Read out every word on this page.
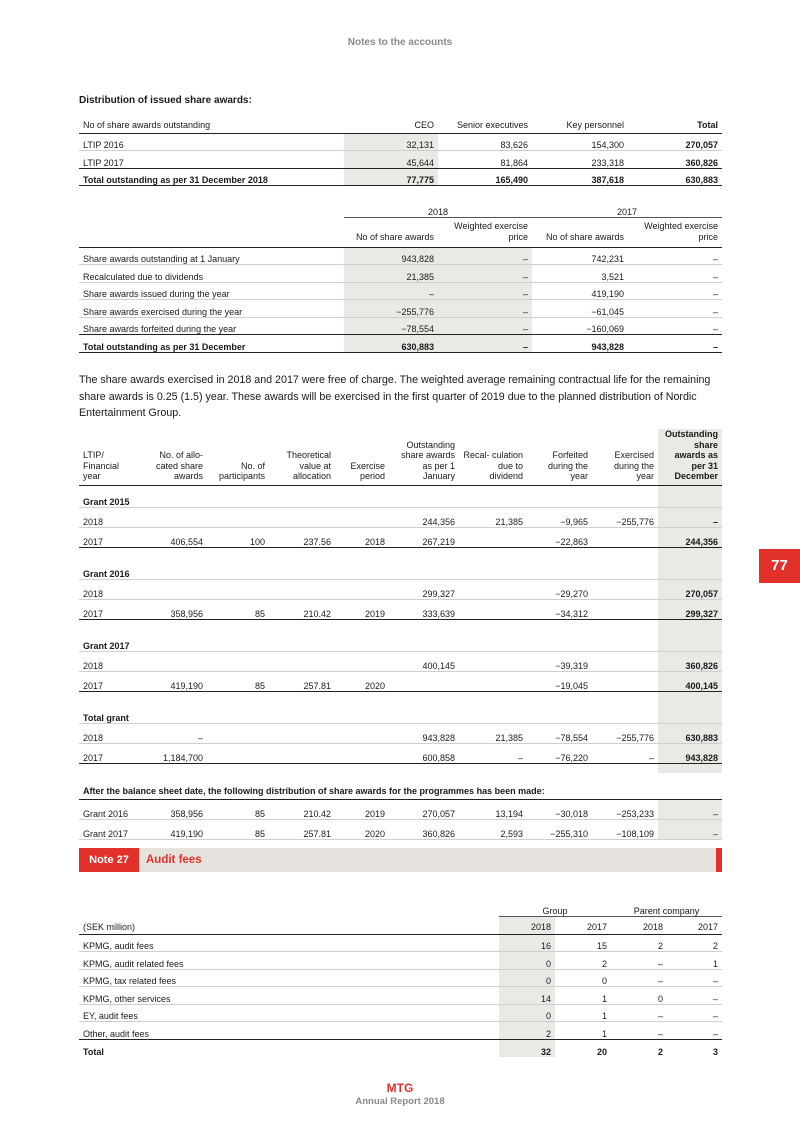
Notes to the accounts
77
Distribution of issued share awards:
No of share awards outstanding	CEO	Senior executives	Key personnel	Total
LTIP 2016	32,131	83,626	154,300	270,057
LTIP 2017	45,644	81,864	233,318	360,826
Total outstanding as per 31 December 2018	77,775	165,490	387,618	630,883
	2018		2017	
	No of share awards	Weighted exercise price	No of share awards	Weighted exercise price
Share awards outstanding at 1 January	943,828	–	742,231	–
Recalculated due to dividends	21,385	–	3,521	–
Share awards issued during the year	–	–	419,190	–
Share awards exercised during the year	−255,776	–	−61,045	–
Share awards forfeited during the year	−78,554	–	−160,069	–
Total outstanding as per 31 December	630,883	–	943,828	–

The share awards exercised in 2018 and 2017 were free of charge. The weighted average remaining contractual life for the remaining share awards is 0.25 (1.5) year. These awards will be exercised in the first quarter of 2019 due to the planned distribution of Nordic Entertainment Group.

LTIP/ Financial year	No. of allo- cated share awards	No. of participants	Theoretical value at allocation	Exercise period	Outstanding share awards as per 1 January	Recal- culation due to dividend	Forfeited during the year	Exercised during the year	Outstanding share awards as per 31 December
Grant 2015									
2018					244,356	21,385	−9,965	−255,776	–
2017	406,554	100	237.56	2018	267,219		−22,863		244,356

Grant 2016									
2018					299,327		−29,270		270,057
2017	358,956	85	210.42	2019	333,639		−34,312		299,327

Grant 2017									
2018					400,145		−39,319		360,826
2017	419,190	85	257.81	2020			−19,045		400,145

Total grant									
2018	–				943,828	21,385	−78,554	−255,776	630,883
2017	1,184,700				600,858	–	−76,220	–	943,828

After the balance sheet date, the following distribution of share awards for the programmes has been made:									
Grant 2016	358,956	85	210.42	2019	270,057	13,194	−30,018	−253,233	–
Grant 2017	419,190	85	257.81	2020	360,826	2,593	−255,310	−108,109	–
Note 27	Audit fees
	Group		Parent company	
(SEK million)	2018	2017	2018	2017
KPMG, audit fees	16	15	2	2
KPMG, audit related fees	0	2	–	1
KPMG, tax related fees	0	0	–	–
KPMG, other services	14	1	0	–
EY, audit fees	0	1	–	–
Other, audit fees	2	1	–	–
Total	32	20	2	3
MTG
Annual Report 2018
